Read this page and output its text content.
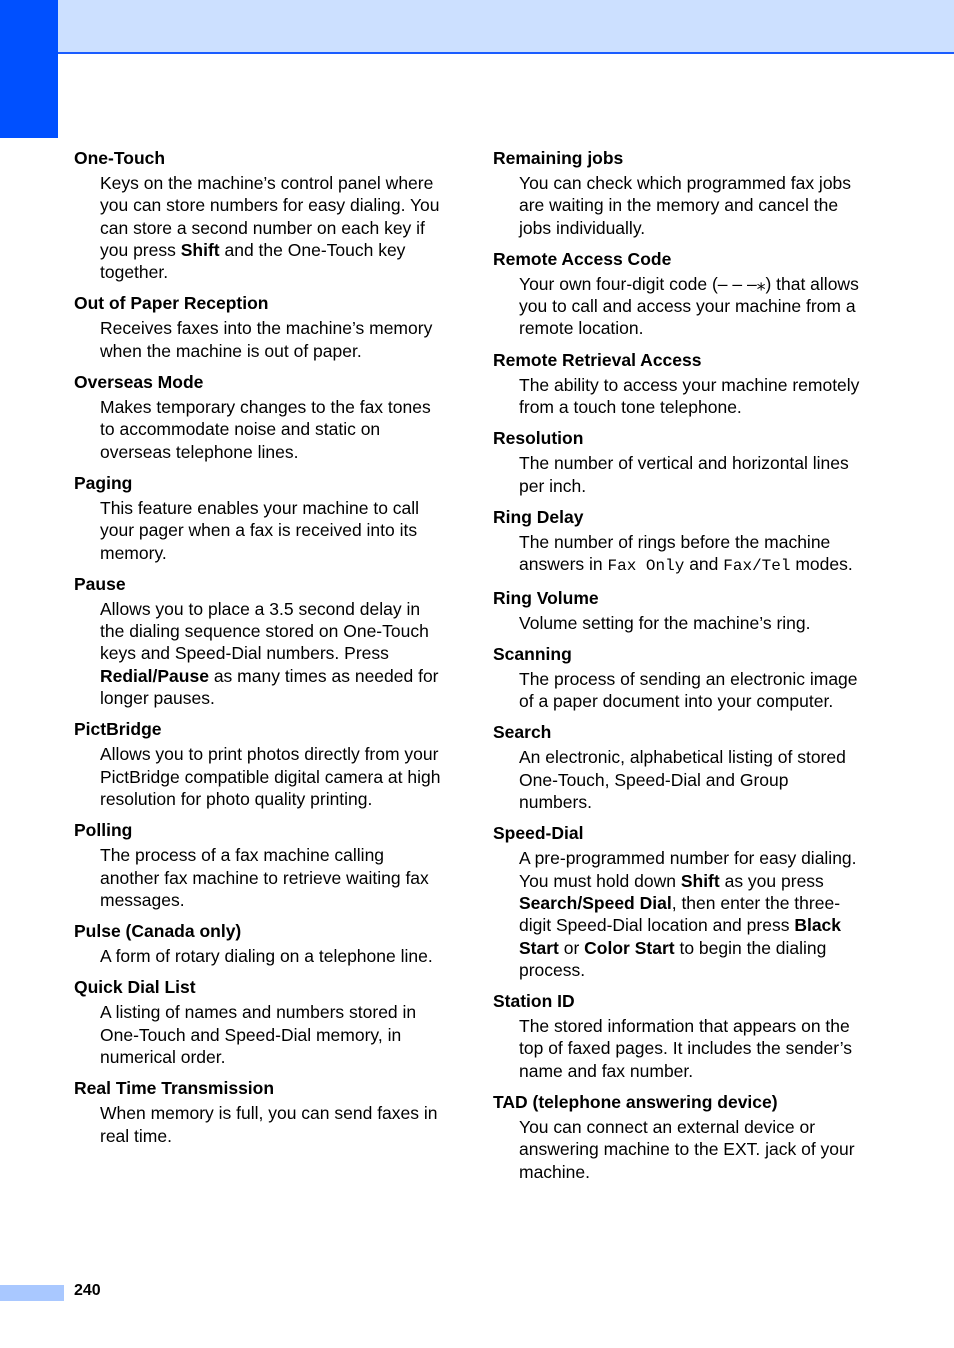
One-Touch
Keys on the machine’s control panel where you can store numbers for easy dialing. You can store a second number on each key if you press Shift and the One-Touch key together.
Out of Paper Reception
Receives faxes into the machine’s memory when the machine is out of paper.
Overseas Mode
Makes temporary changes to the fax tones to accommodate noise and static on overseas telephone lines.
Paging
This feature enables your machine to call your pager when a fax is received into its memory.
Pause
Allows you to place a 3.5 second delay in the dialing sequence stored on One-Touch keys and Speed-Dial numbers. Press Redial/Pause as many times as needed for longer pauses.
PictBridge
Allows you to print photos directly from your PictBridge compatible digital camera at high resolution for photo quality printing.
Polling
The process of a fax machine calling another fax machine to retrieve waiting fax messages.
Pulse (Canada only)
A form of rotary dialing on a telephone line.
Quick Dial List
A listing of names and numbers stored in One-Touch and Speed-Dial memory, in numerical order.
Real Time Transmission
When memory is full, you can send faxes in real time.
Remaining jobs
You can check which programmed fax jobs are waiting in the memory and cancel the jobs individually.
Remote Access Code
Your own four-digit code (– – –⁎) that allows you to call and access your machine from a remote location.
Remote Retrieval Access
The ability to access your machine remotely from a touch tone telephone.
Resolution
The number of vertical and horizontal lines per inch.
Ring Delay
The number of rings before the machine answers in Fax Only and Fax/Tel modes.
Ring Volume
Volume setting for the machine’s ring.
Scanning
The process of sending an electronic image of a paper document into your computer.
Search
An electronic, alphabetical listing of stored One-Touch, Speed-Dial and Group numbers.
Speed-Dial
A pre-programmed number for easy dialing. You must hold down Shift as you press Search/Speed Dial, then enter the three-digit Speed-Dial location and press Black Start or Color Start to begin the dialing process.
Station ID
The stored information that appears on the top of faxed pages. It includes the sender’s name and fax number.
TAD (telephone answering device)
You can connect an external device or answering machine to the EXT. jack of your machine.
240
